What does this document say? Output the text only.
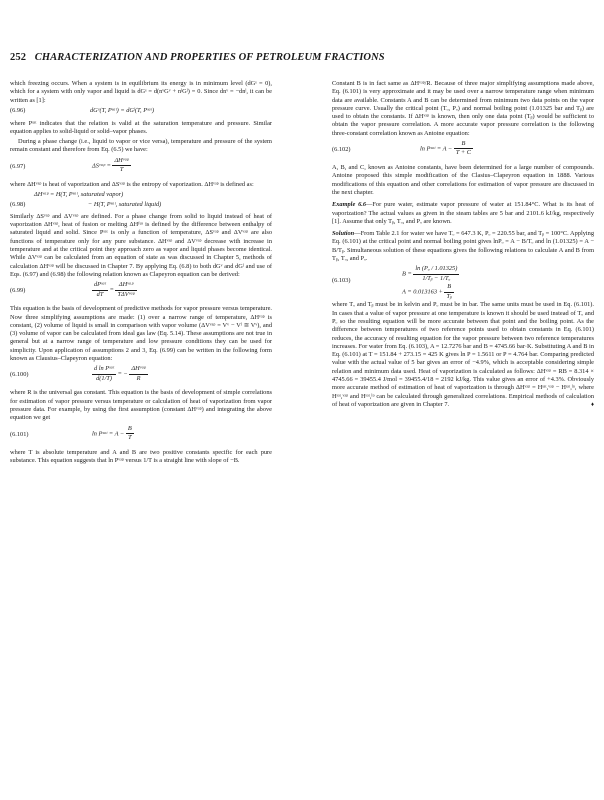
252 CHARACTERIZATION AND PROPERTIES OF PETROLEUM FRACTIONS

which freezing occurs. When a system is in equilibrium its energy is in minimum level (dGˢ = 0), which for a system with only vapor and liquid is dGˢ = d(nᵛGᵛ + nˡGˡ) = 0. Since dnᵛ = −dnˡ, it can be written as [1]:

(6.96)	dGᵛ(T, Pˢᵃᵗ) = dGˡ(T, Pˢᵃᵗ)

where Pˢᵃᵗ indicates that the relation is valid at the saturation temperature and pressure. Similar equation applies to solid-liquid or solid–vapor phases.

During a phase change (i.e., liquid to vapor or vice versa), temperature and pressure of the system remain constant and therefore from Eq. (6.5) we have:

(6.97)	ΔSᵛᵃᵖ = $\frac{\text{ΔHᵛᵃᵖ}}{T}$

where ΔHᵛᵃᵖ is heat of vaporization and ΔSᵛᵃᵖ is the entropy of vaporization. ΔHᵛᵃᵖ is defined as:

ΔHᵛᵃᵖ = H(T, Pˢᵃᵗ, saturated vapor)
(6.98)	− H(T, Pˢᵃᵗ, saturated liquid)

Similarly ΔSᵛᵃᵖ and ΔVᵛᵃᵖ are defined. For a phase change from solid to liquid instead of heat of vaporization ΔHᵛᵃᵖ, heat of fusion or melting ΔHᶠᵘˢ is defined by the difference between enthalpy of saturated liquid and solid. Since Pˢᵃᵗ is only a function of temperature, ΔSᵛᵃᵖ and ΔVᵛᵃᵖ are also functions of temperature only for any pure substance. ΔHᵛᵃᵖ and ΔVᵛᵃᵖ decrease with increase in temperature and at the critical point they approach zero as vapor and liquid phases become identical. While ΔVᵛᵃᵖ can be calculated from an equation of state as was discussed in Chapter 5, methods of calculation ΔHᵛᵃᵖ will be discussed in Chapter 7. By applying Eq. (6.8) to both dGᵛ and dGˡ and use of Eqs. (6.97) and (6.98) the following relation known as Clapeyron equation can be derived:

(6.99)	$\frac{\text{dPˢᵃᵗ}}{dT} = \frac{\text{ΔHᵛᵃᵖ}}{\text{TΔVᵛᵃᵖ}}$

This equation is the basis of development of predictive methods for vapor pressure versus temperature. Now three simplifying assumptions are made: (1) over a narrow range of temperature, ΔHᵛᵃᵖ is constant, (2) volume of liquid is small in comparison with vapor volume (ΔVᵛᵃᵖ = Vᵛ − Vˡ ≅ Vᵛ), and (3) volume of vapor can be calculated from ideal gas law (Eq. 5.14). These assumptions are not true in general but at a narrow range of temperature and low pressure conditions they can be used for simplicity. Upon application of assumptions 2 and 3, Eq. (6.99) can be written in the following form known as Clausius–Clapeyron equation:

(6.100)	$\frac{\text{d ln Pˢᵃᵗ}}{d(1/T)}$ = − $\frac{\text{ΔHᵛᵃᵖ}}{R}$

where R is the universal gas constant. This equation is the basis of development of simple correlations for estimation of vapor pressure versus temperature or calculation of heat of vaporization from vapor pressure data. For example, by using the first assumption (constant ΔHᵛᵃᵖ) and integrating the above equation we get

(6.101)	ln Pˢᵃᵗ = $A - \frac{B}{T}$

where T is absolute temperature and A and B are two positive constants specific for each pure substance. This equation suggests that ln Pᵛᵃᵖ versus 1/T is a straight line with slope of −B.

Constant B is in fact same as ΔHᵛᵃᵖ/R. Because of three major simplifying assumptions made above, Eq. (6.101) is very approximate and it may be used over a narrow temperature range when minimum data are available. Constants A and B can be determined from minimum two data points on the vapor pressure curve. Usually the critical point (Tₒ, Pₒ) and normal boiling point (1.01325 bar and Tᵦ) are used to obtain the constants. If ΔHᵛᵃᵖ is known, then only one data point (Tᵦ) would be sufficient to obtain the vapor pressure correlation. A more accurate vapor pressure correlation is the following three-constant correlation known as Antoine equation:

(6.102)	ln Pˢᵃᵗ = $A - \frac{B}{T + C}$

A, B, and C, known as Antoine constants, have been determined for a large number of compounds. Antoine proposed this simple modification of the Clasius–Clapeyron equation in 1888. Various modifications of this equation and other correlations for estimation of vapor pressure are discussed in the next chapter.

Example 6.6—For pure water, estimate vapor pressure of water at 151.84°C. What is its heat of vaporization? The actual values as given in the steam tables are 5 bar and 2101.6 kJ/kg, respectively [1]. Assume that only Tᵦ, Tₒ, and Pₒ are known.

Solution—From Table 2.1 for water we have Tₒ = 647.3 K, Pₒ = 220.55 bar, and Tᵦ = 100°C. Applying Eq. (6.101) at the critical point and normal boiling point gives lnPₒ = A − B/Tₒ and ln (1.01325) = A − B/Tᵦ. Simultaneous solution of these equations gives the following relations to calculate A and B from Tᵦ, Tₒ, and Pₒ.

(6.103)
$B = \frac{\text{ln (Pₒ / 1.01325)}}{\text{1/Tᵦ − 1/Tₒ}}$
$A = 0.013163 + \frac{B}{\text{Tᵦ}}$

where Tₒ and Tᵦ must be in kelvin and Pₒ must be in bar. The same units must be used in Eq. (6.101). In cases that a value of vapor pressure at one temperature is known it should be used instead of Tₒ and Pₒ so the resulting equation will be more accurate between that point and the boiling point. As the difference between temperatures of two reference points used to obtain constants in Eq. (6.101) reduces, the accuracy of resulting equation for the vapor pressure between two reference temperatures increases. For water from Eq. (6.103), A = 12.7276 bar and B = 4745.66 bar·K. Substituting A and B in Eq. (6.101) at T = 151.84 + 273.15 = 425 K gives ln P = 1.5611 or P = 4.764 bar. Comparing predicted value with the actual value of 5 bar gives an error of −4.9%, which is acceptable considering simple relation and minimum data used. Heat of vaporization is calculated as follows: ΔHᵛᵃᵖ = RB = 8.314 × 4745.66 = 39455.4 J/mol = 39455.4/18 = 2192 kJ/kg. This value gives an error of +4.3%. Obviously more accurate method of estimation of heat of vaporization is through ΔHᵛᵃᵖ = Hˢᵃᵗ,ᵛᵃᵖ − Hˢᵃᵗ,ˡᶛ, where Hˢᵃᵗ,ᵛᵃᵖ and Hˢᵃᵗ,ˡᶛ can be calculated through generalized correlations. Empirical methods of calculation of heat of vaporization are given in Chapter 7.	♦
